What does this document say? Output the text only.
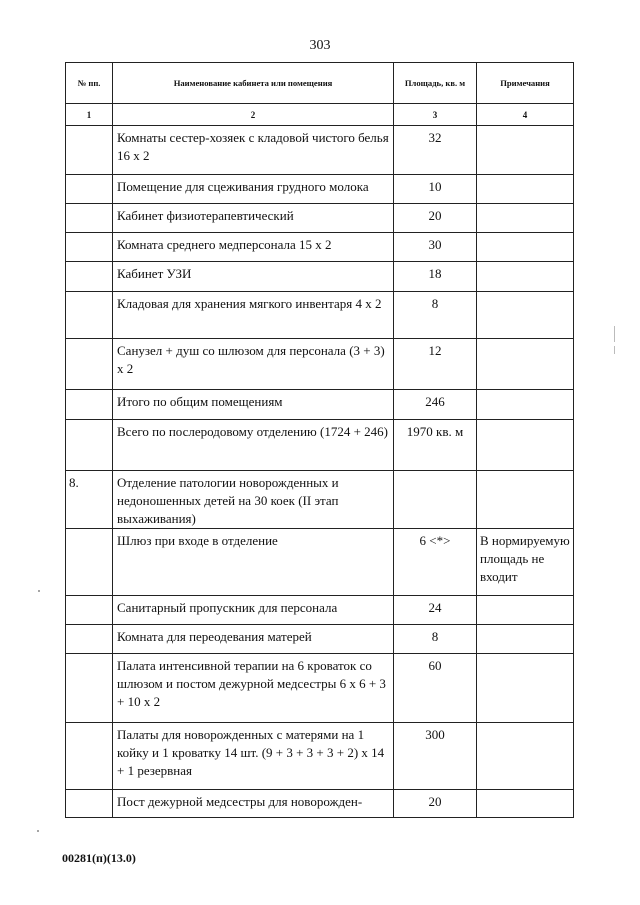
303
№ пп.	Наименование кабинета или помещения	Площадь, кв. м	Примечания
1	2	3	4

	Комнаты сестер-хозяек с кладовой чистого белья 16 х 2	32	

	Помещение для сцеживания грудного молока	10	

	Кабинет физиотерапевтический	20	

	Комната среднего медперсонала 15 х 2	30	

	Кабинет УЗИ	18	

	Кладовая для хранения мягкого инвентаря 4 х 2	8	

	Санузел + душ со шлюзом для персонала (3 + 3) х 2	12	

	Итого по общим помещениям	246	

	Всего по послеродовому отделению (1724 + 246)	1970 кв. м	

8.	Отделение патологии новорожденных и недоношенных детей на 30 коек (II этап выхаживания)		

	Шлюз при входе в отделение	6 <*>	В нормируемую площадь не входит

	Санитарный пропускник для персонала	24	

	Комната для переодевания матерей	8	

	Палата интенсивной терапии на 6 кроваток со шлюзом и постом дежурной медсестры 6 х 6 + 3 + 10 х 2	60	

	Палаты для новорожденных с матерями на 1 койку и 1 кроватку 14 шт. (9 + 3 + 3 + 3 + 2) х 14 + 1 резервная	300	

	Пост дежурной медсестры для новорожден-	20	

00281(п)(13.0)
